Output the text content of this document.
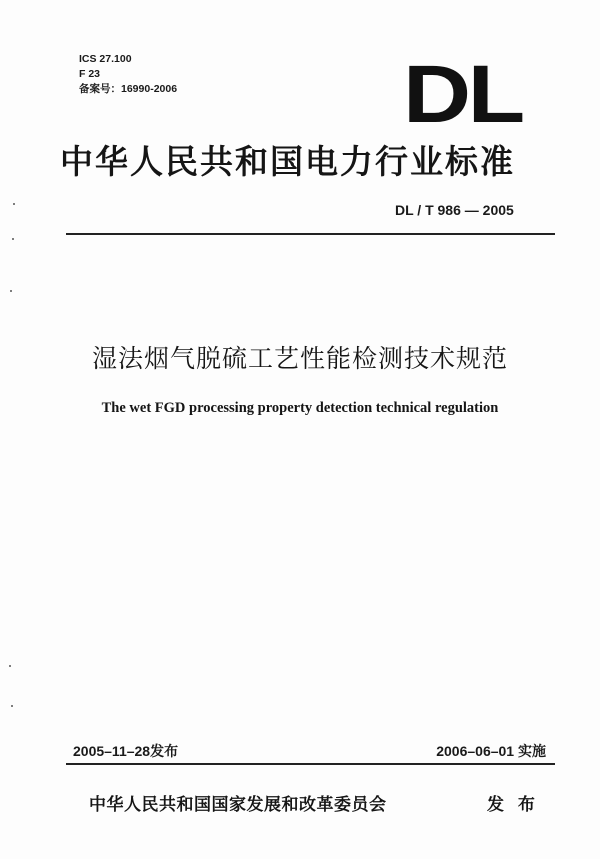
ICS 27.100
F 23
备案号：16990-2006	DL
中华人民共和国电力行业标准
DL / T 986 — 2005
湿法烟气脱硫工艺性能检测技术规范
The wet FGD processing property detection technical regulation
2005–11–28发布	2006–06–01 实施
中华人民共和国国家发展和改革委员会	发 布
